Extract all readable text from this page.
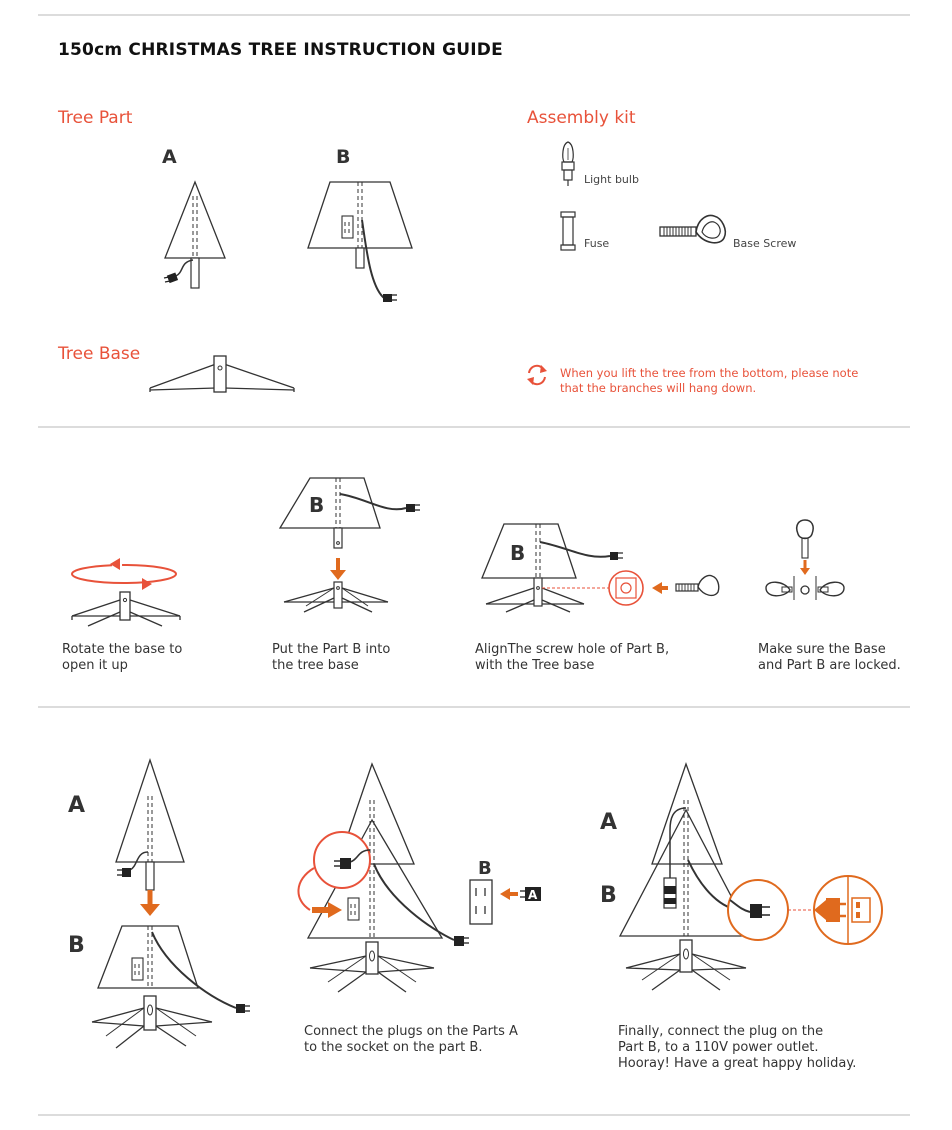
150cm CHRISTMAS TREE INSTRUCTION GUIDE
Tree Part	Assembly kit
Tree Base
A	B
Light bulb
Fuse	Base Screw
When you lift the tree from the bottom, please note
that the branches will hang down.
B
B
Rotate the base to
open it up
Put the Part B into
the tree base
AlignThe screw hole of Part B,
with the Tree base
Make sure the Base
and Part B are locked.
A
B
B
A
A
B
Connect the plugs on the Parts A
to the socket on the part B.
Finally, connect the plug on the
Part B, to a 110V power outlet.
Hooray! Have a great happy holiday.
